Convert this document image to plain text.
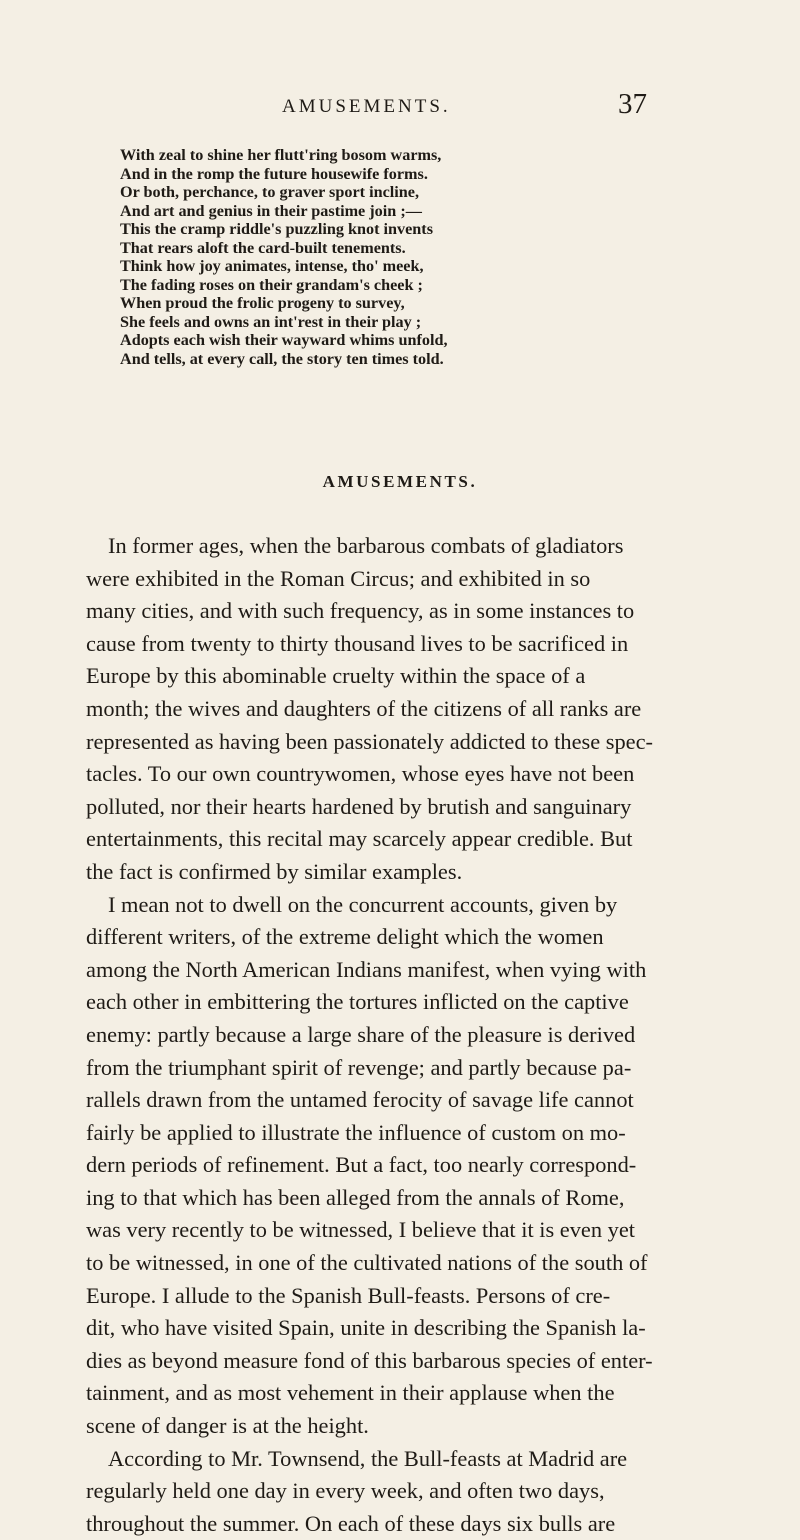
AMUSEMENTS.	37
With zeal to shine her flutt'ring bosom warms,
And in the romp the future housewife forms.
Or both, perchance, to graver sport incline,
And art and genius in their pastime join ;—
This the cramp riddle's puzzling knot invents
That rears aloft the card-built tenements.
Think how joy animates, intense, tho' meek,
The fading roses on their grandam's cheek ;
When proud the frolic progeny to survey,
She feels and owns an int'rest in their play ;
Adopts each wish their wayward whims unfold,
And tells, at every call, the story ten times told.
AMUSEMENTS.
In former ages, when the barbarous combats of gladiators
were exhibited in the Roman Circus; and exhibited in so
many cities, and with such frequency, as in some instances to
cause from twenty to thirty thousand lives to be sacrificed in
Europe by this abominable cruelty within the space of a
month; the wives and daughters of the citizens of all ranks are
represented as having been passionately addicted to these spec-
tacles. To our own countrywomen, whose eyes have not been
polluted, nor their hearts hardened by brutish and sanguinary
entertainments, this recital may scarcely appear credible. But
the fact is confirmed by similar examples.
I mean not to dwell on the concurrent accounts, given by
different writers, of the extreme delight which the women
among the North American Indians manifest, when vying with
each other in embittering the tortures inflicted on the captive
enemy: partly because a large share of the pleasure is derived
from the triumphant spirit of revenge; and partly because pa-
rallels drawn from the untamed ferocity of savage life cannot
fairly be applied to illustrate the influence of custom on mo-
dern periods of refinement. But a fact, too nearly correspond-
ing to that which has been alleged from the annals of Rome,
was very recently to be witnessed, I believe that it is even yet
to be witnessed, in one of the cultivated nations of the south of
Europe. I allude to the Spanish Bull-feasts. Persons of cre-
dit, who have visited Spain, unite in describing the Spanish la-
dies as beyond measure fond of this barbarous species of enter-
tainment, and as most vehement in their applause when the
scene of danger is at the height.
According to Mr. Townsend, the Bull-feasts at Madrid are
regularly held one day in every week, and often two days,
throughout the summer. On each of these days six bulls are
